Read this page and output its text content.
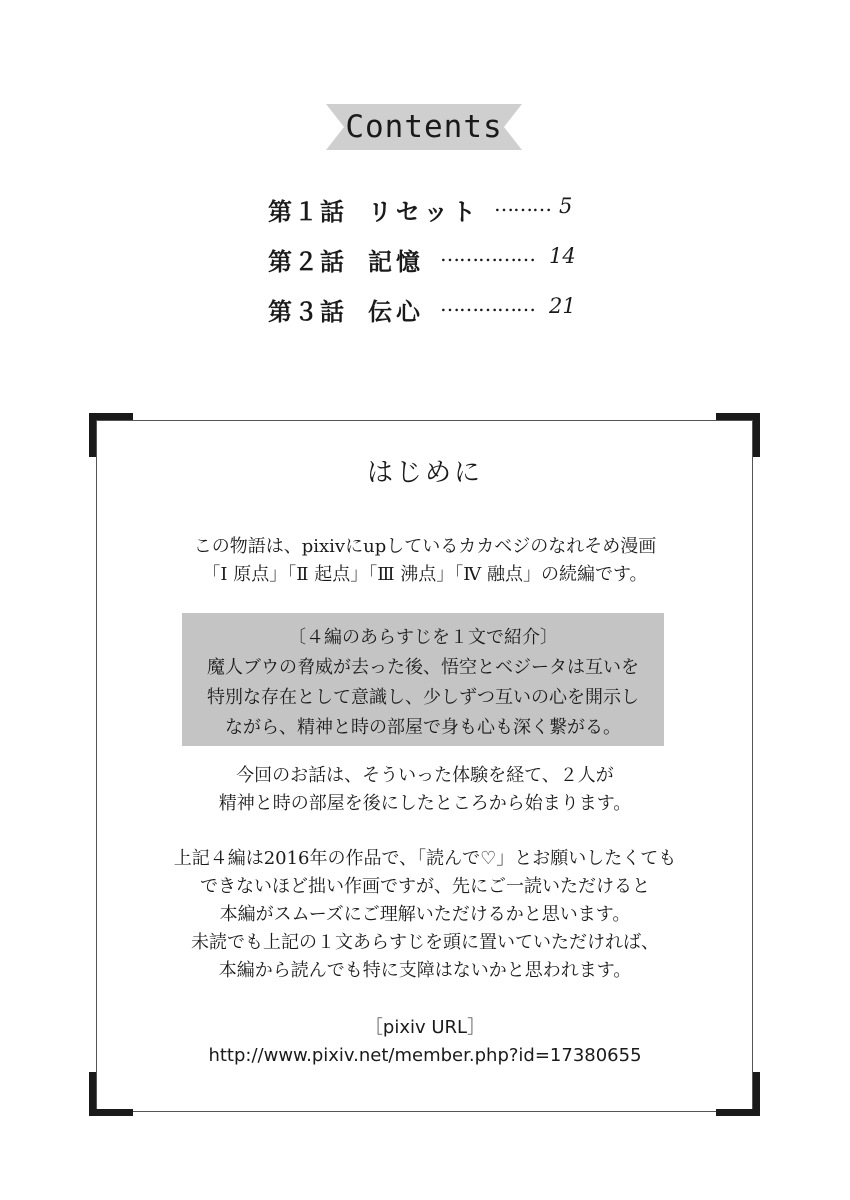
Contents
第１話 リセット ……… 5
第２話 記憶 …………… 14
第３話 伝心 …………… 21
はじめに

この物語は、pixivにupしているカカベジのなれそめ漫画

「Ⅰ 原点」「Ⅱ 起点」「Ⅲ 沸点」「Ⅳ 融点」の続編です。

〔４編のあらすじを１文で紹介〕

魔人ブウの脅威が去った後、悟空とベジータは互いを

特別な存在として意識し、少しずつ互いの心を開示し

ながら、精神と時の部屋で身も心も深く繋がる。

今回のお話は、そういった体験を経て、２人が

精神と時の部屋を後にしたところから始まります。

上記４編は2016年の作品で、「読んで♡」とお願いしたくても

できないほど拙い作画ですが、先にご一読いただけると

本編がスムーズにご理解いただけるかと思います。

未読でも上記の１文あらすじを頭に置いていただければ、

本編から読んでも特に支障はないかと思われます。

［pixiv URL］

http://www.pixiv.net/member.php?id=17380655
